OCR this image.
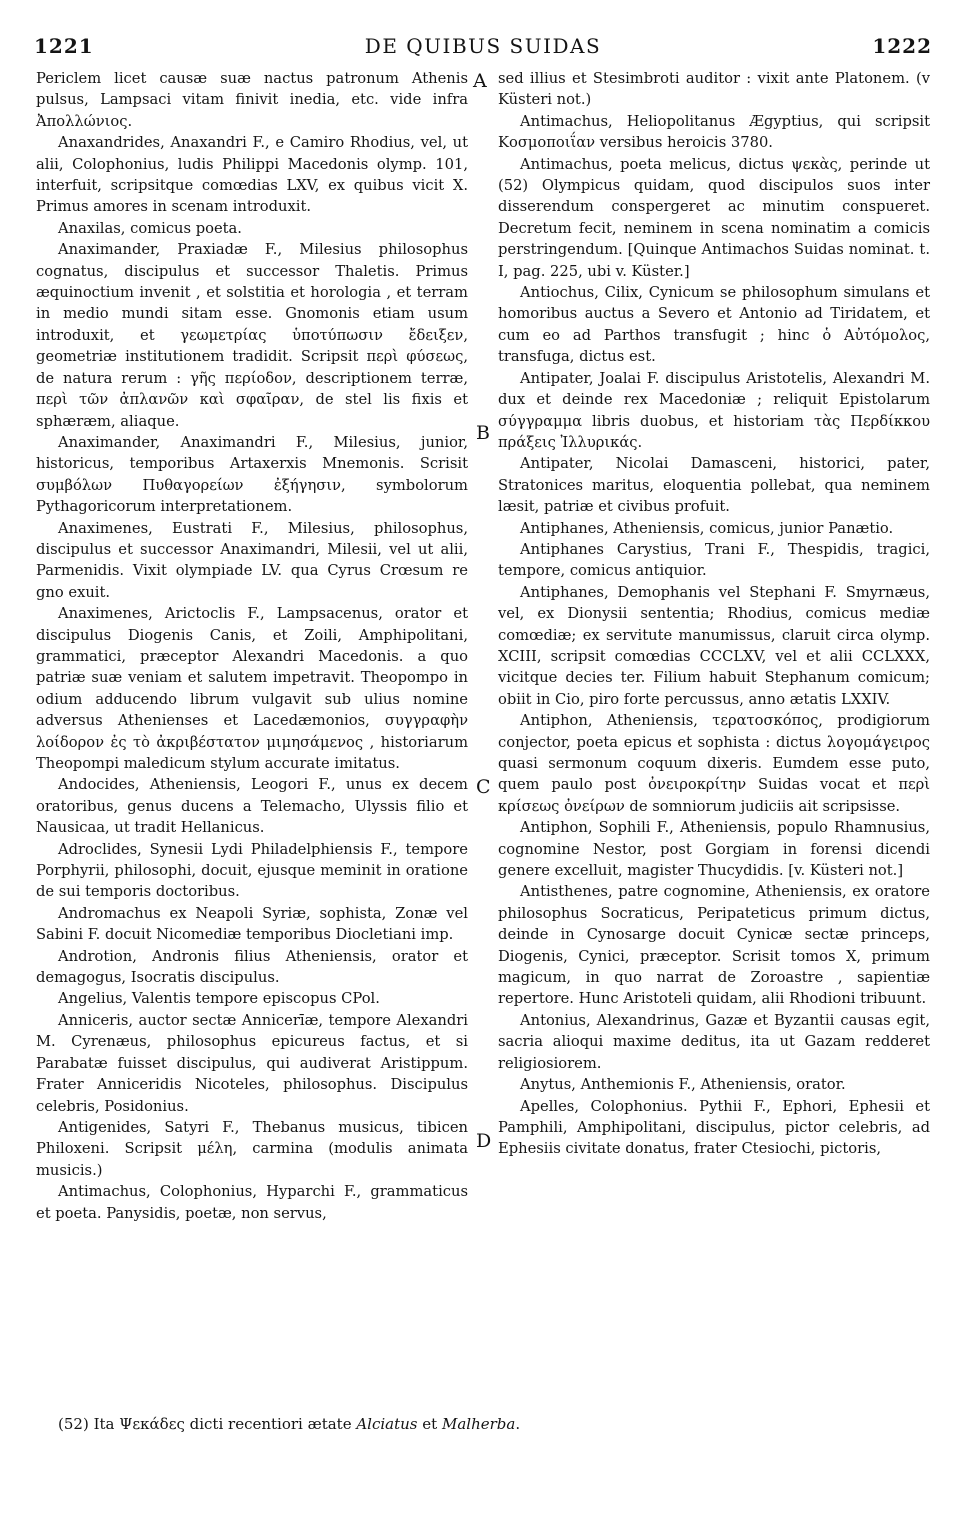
1221	DE QUIBUS SUIDAS	1222

Periclem licet causæ suæ nactus patronum Athenis pulsus, Lampsaci vitam finivit inedia, etc. vide infra Ἀπολλώνιος.

Anaxandrides, Anaxandri F., e Camiro Rhodius, vel, ut alii, Colophonius, ludis Philippi Macedonis olymp. 101, interfuit, scripsitque comœdias LXV, ex quibus vicit X. Primus amores in scenam introduxit.

Anaxilas, comicus poeta.

Anaximander, Praxiadæ F., Milesius philosophus cognatus, discipulus et successor Thaletis. Primus æquinoctium invenit , et solstitia et horologia , et terram in medio mundi sitam esse. Gnomonis etiam usum introduxit, et γεωμετρίας ὑποτύπωσιν ἔδειξεν, geometriæ institutionem tradidit. Scripsit περὶ φύσεως, de natura rerum : γῆς περίοδον, descriptionem terræ, περὶ τῶν ἀπλανῶν καὶ σφαῖραν, de stel lis fixis et sphæræm, aliaque.

Anaximander, Anaximandri F., Milesius, junior, historicus, temporibus Artaxerxis Mnemonis. Scrisit συμβόλων Πυθαγορείων ἐξήγησιν, symbolorum Pythagoricorum interpretationem.

Anaximenes, Eustrati F., Milesius, philosophus, discipulus et successor Anaximandri, Milesii, vel ut alii, Parmenidis. Vixit olympiade LV. qua Cyrus Crœsum re gno exuit.

Anaximenes, Arictoclis F., Lampsacenus, orator et discipulus Diogenis Canis, et Zoili, Amphipolitani, grammatici, præceptor Alexandri Macedonis. a quo patriæ suæ veniam et salutem impetravit. Theopompo in odium adducendo librum vulgavit sub ulius nomine adversus Athenienses et Lacedæmonios, συγγραφὴν λοίδορον ἐς τὸ ἀκριβέστατον μιμησάμενος , historiarum Theopompi maledicum stylum accurate imitatus.

Andocides, Atheniensis, Leogori F., unus ex decem oratoribus, genus ducens a Telemacho, Ulyssis filio et Nausicaa, ut tradit Hellanicus.

Adroclides, Synesii Lydi Philadelphiensis F., tempore Porphyrii, philosophi, docuit, ejusque meminit in oratione de sui temporis doctoribus.

Andromachus ex Neapoli Syriæ, sophista, Zonæ vel Sabini F. docuit Nicomediæ temporibus Diocletiani imp.

Androtion, Andronis filius Atheniensis, orator et demagogus, Isocratis discipulus.

Angelius, Valentis tempore episcopus CPol.

Anniceris, auctor sectæ Annicerīæ, tempore Alexandri M. Cyrenæus, philosophus epicureus factus, et si Parabatæ fuisset discipulus, qui audiverat Aristippum. Frater Anniceridis Nicoteles, philosophus. Discipulus celebris, Posidonius.

Antigenides, Satyri F., Thebanus musicus, tibicen Philoxeni. Scripsit μέλη, carmina (modulis animata musicis.)

Antimachus, Colophonius, Hyparchi F., grammaticus et poeta. Panysidis, poetæ, non servus,

sed illius et Stesimbroti auditor : vixit ante Platonem. (v Küsteri not.)

Antimachus, Heliopolitanus Ægyptius, qui scripsit Κοσμοποιΐαν versibus heroicis 3780.

Antimachus, poeta melicus, dictus ψεκὰς, perinde ut (52) Olympicus quidam, quod discipulos suos inter disserendum conspergeret ac minutim conspueret. Decretum fecit, neminem in scena nominatim a comicis perstringendum. [Quinque Antimachos Suidas nominat. t. I, pag. 225, ubi v. Küster.]

Antiochus, Cilix, Cynicum se philosophum simulans et homoribus auctus a Severo et Antonio ad Tiridatem, et cum eo ad Parthos transfugit ; hinc ὁ Αὐτόμολος, transfuga, dictus est.

Antipater, Joalai F. discipulus Aristotelis, Alexandri M. dux et deinde rex Macedoniæ ; reliquit Epistolarum σύγγραμμα libris duobus, et historiam τὰς Περδίκκου πράξεις Ἰλλυρικάς.

Antipater, Nicolai Damasceni, historici, pater, Stratonices maritus, eloquentia pollebat, qua neminem læsit, patriæ et civibus profuit.

Antiphanes, Atheniensis, comicus, junior Panætio.

Antiphanes Carystius, Trani F., Thespidis, tragici, tempore, comicus antiquior.

Antiphanes, Demophanis vel Stephani F. Smyrnæus, vel, ex Dionysii sententia; Rhodius, comicus mediæ comœdiæ; ex servitute manumissus, claruit circa olymp. XCIII, scripsit comœdias CCCLXV, vel et alii CCLXXX, vicitque decies ter. Filium habuit Stephanum comicum; obiit in Cio, piro forte percussus, anno ætatis LXXIV.

Antiphon, Atheniensis, τερατοσκόπος, prodigiorum conjector, poeta epicus et sophista : dictus λογομάγειρος quasi sermonum coquum dixeris. Eumdem esse puto, quem paulo post ὀνειροκρίτην Suidas vocat et περὶ κρίσεως ὀνείρων de somniorum judiciis ait scripsisse.

Antiphon, Sophili F., Atheniensis, populo Rhamnusius, cognomine Nestor, post Gorgiam in forensi dicendi genere excelluit, magister Thucydidis. [v. Küsteri not.]

Antisthenes, patre cognomine, Atheniensis, ex oratore philosophus Socraticus, Peripateticus primum dictus, deinde in Cynosarge docuit Cynicæ sectæ princeps, Diogenis, Cynici, præceptor. Scrisit tomos X, primum magicum, in quo narrat de Zoroastre , sapientiæ repertore. Hunc Aristoteli quidam, alii Rhodioni tribuunt.

Antonius, Alexandrinus, Gazæ et Byzantii causas egit, sacria alioqui maxime deditus, ita ut Gazam redderet religiosiorem.

Anytus, Anthemionis F., Atheniensis, orator.

Apelles, Colophonius. Pythii F., Ephori, Ephesii et Pamphili, Amphipolitani, discipulus, pictor celebris, ad Ephesiis civitate donatus, frater Ctesiochi, pictoris,

A
B
C
D
(52) Ita Ψεκάδες dicti recentiori ætate Alciatus et Malherba.
